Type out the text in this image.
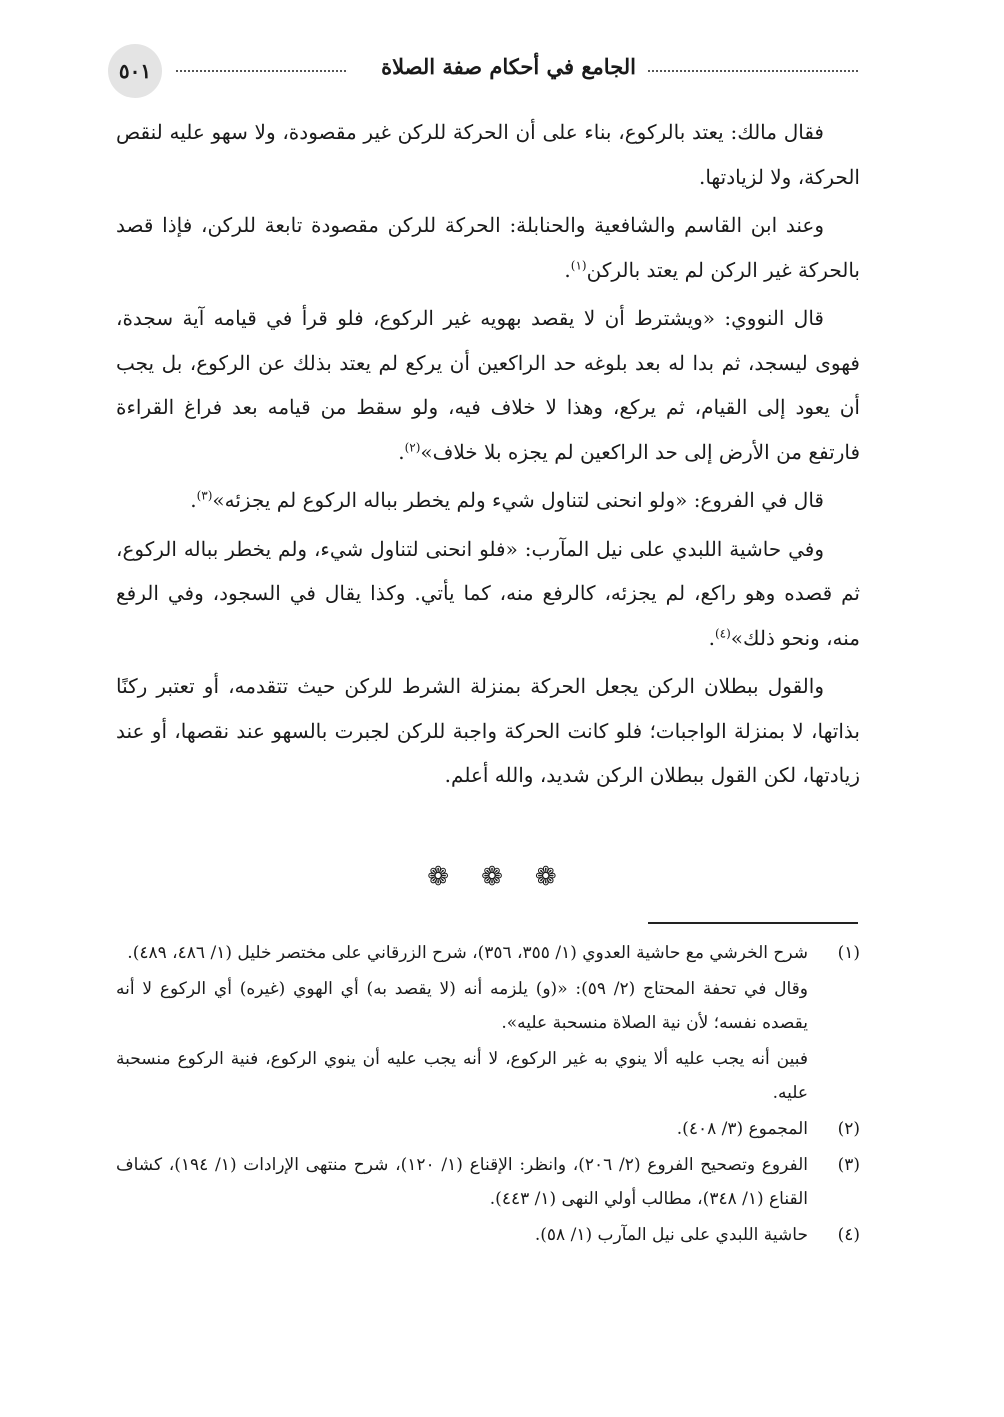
٥٠١	الجامع في أحكام صفة الصلاة

فقال مالك: يعتد بالركوع، بناء على أن الحركة للركن غير مقصودة، ولا سهو عليه لنقص الحركة، ولا لزيادتها.

وعند ابن القاسم والشافعية والحنابلة: الحركة للركن مقصودة تابعة للركن، فإذا قصد بالحركة غير الركن لم يعتد بالركن$^{(١)}$.

قال النووي: «ويشترط أن لا يقصد بهويه غير الركوع، فلو قرأ في قيامه آية سجدة، فهوى ليسجد، ثم بدا له بعد بلوغه حد الراكعين أن يركع لم يعتد بذلك عن الركوع، بل يجب أن يعود إلى القيام، ثم يركع، وهذا لا خلاف فيه، ولو سقط من قيامه بعد فراغ القراءة فارتفع من الأرض إلى حد الراكعين لم يجزه بلا خلاف»$^{(٢)}$.

قال في الفروع: «ولو انحنى لتناول شيء ولم يخطر بباله الركوع لم يجزئه»$^{(٣)}$.

وفي حاشية اللبدي على نيل المآرب: «فلو انحنى لتناول شيء، ولم يخطر بباله الركوع، ثم قصده وهو راكع، لم يجزئه، كالرفع منه، كما يأتي. وكذا يقال في السجود، وفي الرفع منه، ونحو ذلك»$^{(٤)}$.

والقول ببطلان الركن يجعل الحركة بمنزلة الشرط للركن حيث تتقدمه، أو تعتبر ركنًا بذاتها، لا بمنزلة الواجبات؛ فلو كانت الحركة واجبة للركن لجبرت بالسهو عند نقصها، أو عند زيادتها، لكن القول ببطلان الركن شديد، والله أعلم.

❁ ❁ ❁
(١)
شرح الخرشي مع حاشية العدوي (١/ ٣٥٥، ٣٥٦)، شرح الزرقاني على مختصر خليل (١/ ٤٨٦، ٤٨٩).
وقال في تحفة المحتاج (٢/ ٥٩): «(و) يلزمه أنه (لا يقصد به) أي الهوي (غيره) أي الركوع لا أنه يقصده نفسه؛ لأن نية الصلاة منسحبة عليه».
فبين أنه يجب عليه ألا ينوي به غير الركوع، لا أنه يجب عليه أن ينوي الركوع، فنية الركوع منسحبة عليه.
(٢)
المجموع (٣/ ٤٠٨).
(٣)
الفروع وتصحيح الفروع (٢/ ٢٠٦)، وانظر: الإقناع (١/ ١٢٠)، شرح منتهى الإرادات (١/ ١٩٤)، كشاف القناع (١/ ٣٤٨)، مطالب أولي النهى (١/ ٤٤٣).
(٤)
حاشية اللبدي على نيل المآرب (١/ ٥٨).
